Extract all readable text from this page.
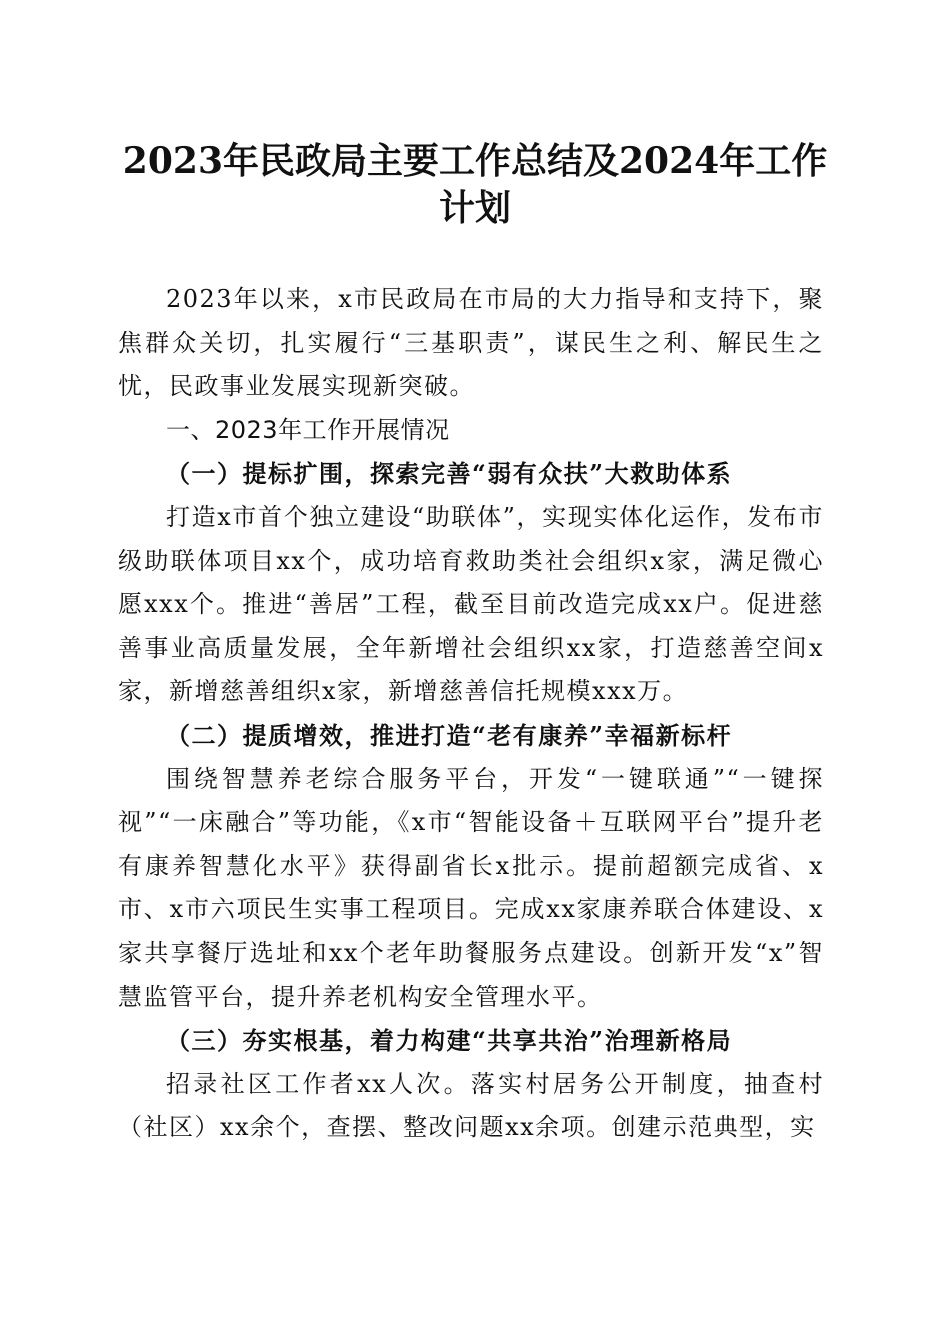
2023年民政局主要工作总结及2024年工作计划

2023年以来，x市民政局在市局的大力指导和支持下，聚焦群众关切，扎实履行“三基职责”，谋民生之利、解民生之忧，民政事业发展实现新突破。

一、2023年工作开展情况

（一）提标扩围，探索完善“弱有众扶”大救助体系

打造x市首个独立建设“助联体”，实现实体化运作，发布市级助联体项目xx个，成功培育救助类社会组织x家，满足微心愿xxx个。推进“善居”工程，截至目前改造完成xx户。促进慈善事业高质量发展，全年新增社会组织xx家，打造慈善空间x家，新增慈善组织x家，新增慈善信托规模xxx万。

（二）提质增效，推进打造“老有康养”幸福新标杆

围绕智慧养老综合服务平台，开发“一键联通”“一键探视”“一床融合”等功能，《x市“智能设备＋互联网平台”提升老有康养智慧化水平》获得副省长x批示。提前超额完成省、x市、x市六项民生实事工程项目。完成xx家康养联合体建设、x家共享餐厅选址和xx个老年助餐服务点建设。创新开发“x”智慧监管平台，提升养老机构安全管理水平。

（三）夯实根基，着力构建“共享共治”治理新格局

招录社区工作者xx人次。落实村居务公开制度，抽查村（社区）xx余个，查摆、整改问题xx余项。创建示范典型，实
